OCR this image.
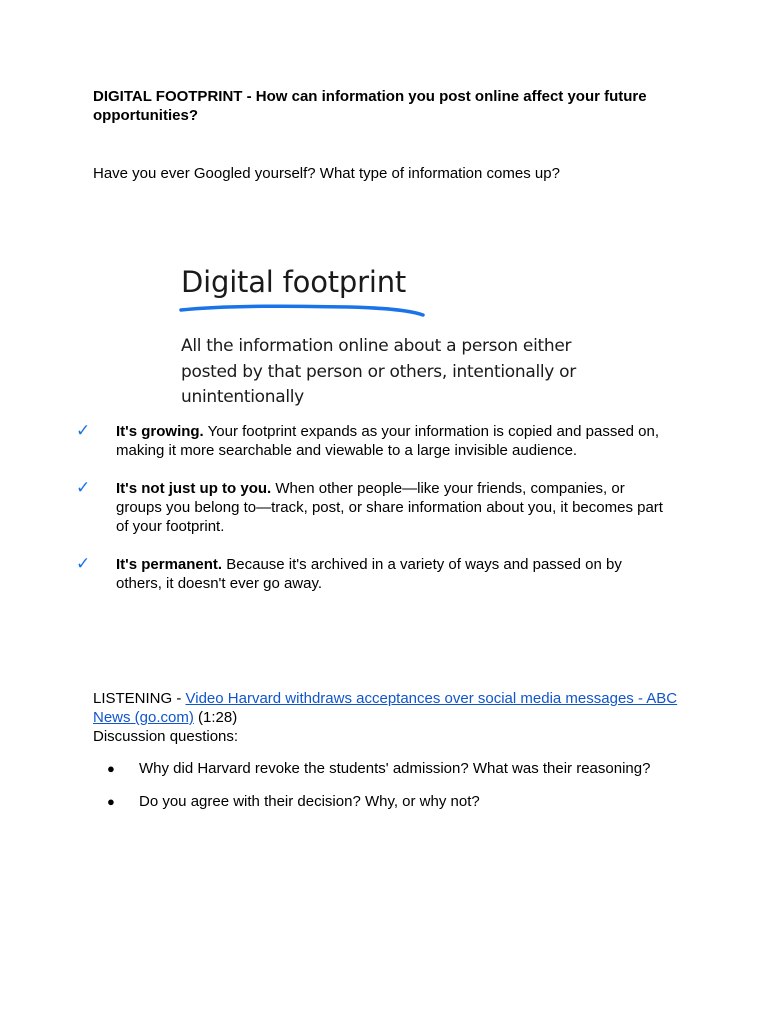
DIGITAL FOOTPRINT - How can information you post online affect your future opportunities?
Have you ever Googled yourself? What type of information comes up?
Digital footprint
All the information online about a person either posted by that person or others, intentionally or unintentionally
✓ It's growing. Your footprint expands as your information is copied and passed on, making it more searchable and viewable to a large invisible audience.
✓ It's not just up to you. When other people—like your friends, companies, or groups you belong to—track, post, or share information about you, it becomes part of your footprint.
✓ It's permanent. Because it's archived in a variety of ways and passed on by others, it doesn't ever go away.
LISTENING - Video Harvard withdraws acceptances over social media messages - ABC News (go.com) (1:28)
Discussion questions:
● Why did Harvard revoke the students' admission? What was their reasoning?
● Do you agree with their decision? Why, or why not?
